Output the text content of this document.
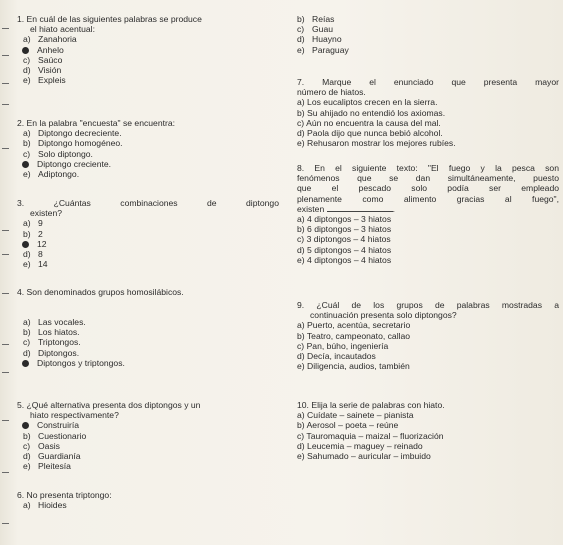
1. En cuál de las siguientes palabras se produce
el hiato acentual:
a) Zanahoria
Anhelo
c) Saúco
d) Visión
e) Expleis
2. En la palabra "encuesta" se encuentra:
a) Diptongo decreciente.
b) Diptongo homogéneo.
c) Solo diptongo.
Diptongo creciente.
e) Adiptongo.
3. ¿Cuántas combinaciones de diptongo
existen?
a) 9
b) 2
12
d) 8
e) 14
4. Son denominados grupos homosilábicos.
a) Las vocales.
b) Los hiatos.
c) Triptongos.
d) Diptongos.
Diptongos y triptongos.
5. ¿Qué alternativa presenta dos diptongos y un
hiato respectivamente?
Construiría
b) Cuestionario
c) Oasis
d) Guardianía
e) Pleitesía
6. No presenta triptongo:
a) Hioides
b) Reías
c) Guau
d) Huayno
e) Paraguay
7. Marque el enunciado que presenta mayor
número de hiatos.
a) Los eucaliptos crecen en la sierra.
b) Su ahijado no entendió los axiomas.
c) Aún no encuentra la causa del mal.
d) Paola dijo que nunca bebió alcohol.
e) Rehusaron mostrar los mejores rubíes.
8. En el siguiente texto: "El fuego y la pesca son
fenómenos que se dan simultáneamente, puesto
que el pescado solo podía ser empleado
plenamente como alimento gracias al fuego",
existen	.
a) 4 diptongos – 3 hiatos
b) 6 diptongos – 3 hiatos
c) 3 diptongos – 4 hiatos
d) 5 diptongos – 4 hiatos
e) 4 diptongos – 4 hiatos
9. ¿Cuál de los grupos de palabras mostradas a
continuación presenta solo diptongos?
a) Puerto, acentúa, secretario
b) Teatro, campeonato, callao
c) Pan, búho, ingeniería
d) Decía, incautados
e) Diligencia, audios, también
10. Elija la serie de palabras con hiato.
a) Cuídate – sainete – pianista
b) Aerosol – poeta – reúne
c) Tauromaquia – maizal – fluorización
d) Leucemia – maguey – reinado
e) Sahumado – auricular – imbuido
